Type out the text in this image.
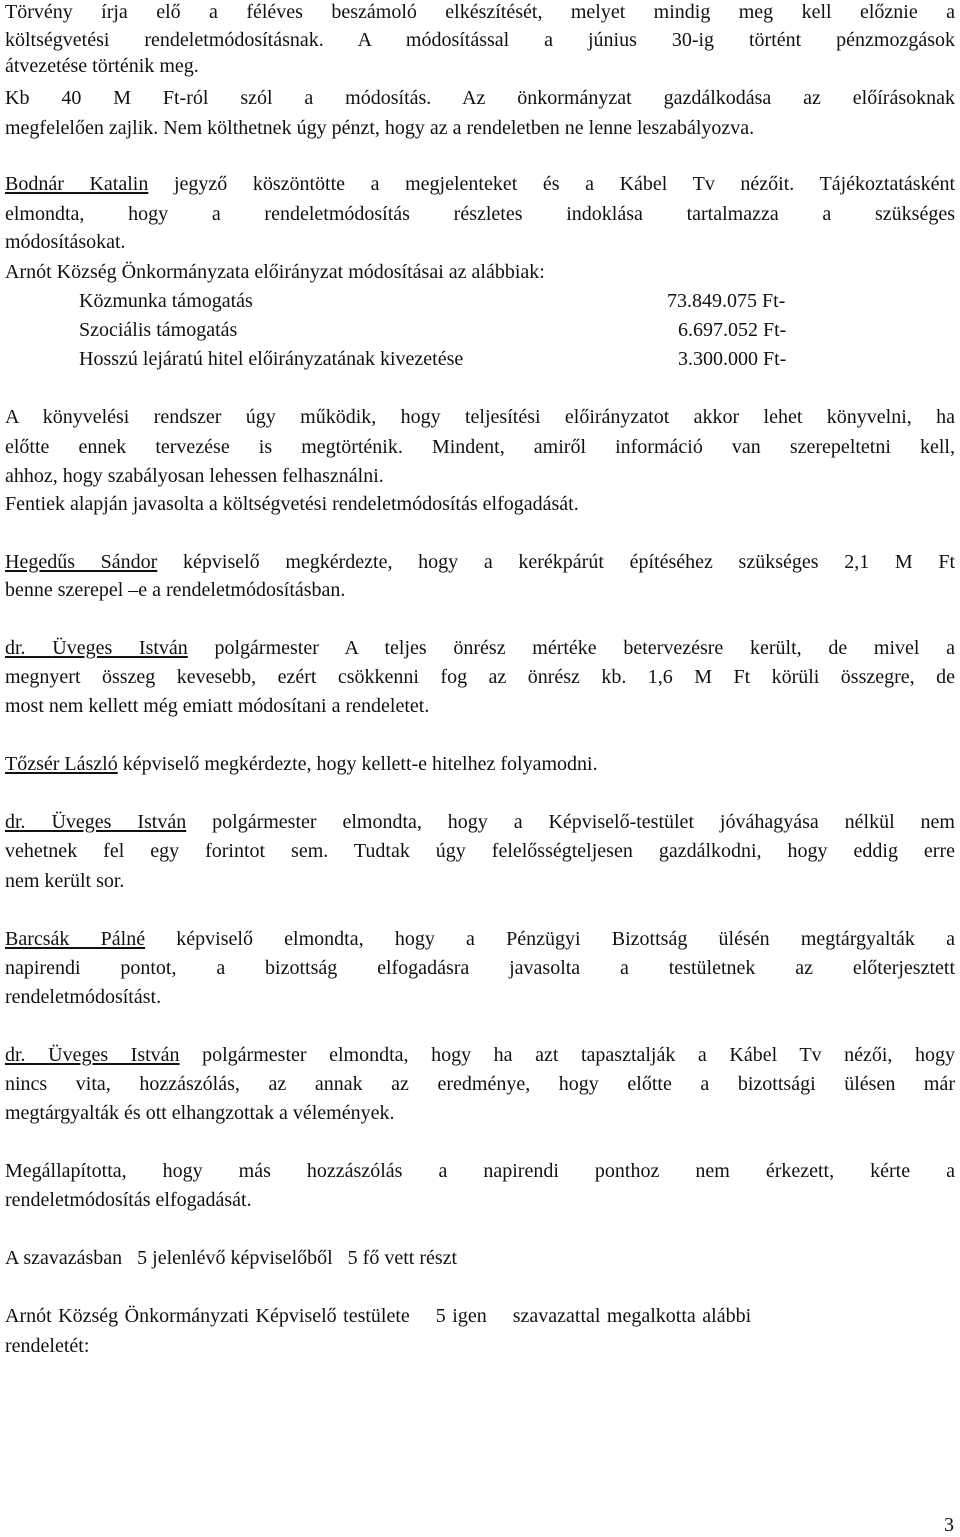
Törvény írja elő a féléves beszámoló elkészítését, melyet mindig meg kell előznie a
költségvetési rendeletmódosításnak. A módosítással a június 30-ig történt pénzmozgások
átvezetése történik meg.
Kb 40 M Ft-ról szól a módosítás. Az önkormányzat gazdálkodása az előírásoknak
megfelelően zajlik. Nem költhetnek úgy pénzt, hogy az a rendeletben ne lenne leszabályozva.
Bodnár Katalin jegyző köszöntötte a megjelenteket és a Kábel Tv nézőit. Tájékoztatásként
elmondta, hogy a rendeletmódosítás részletes indoklása tartalmazza a szükséges
módosításokat.
Arnót Község Önkormányzata előirányzat módosításai az alábbiak:
Közmunka támogatás	73.849.075 Ft-
Szociális támogatás	6.697.052 Ft-
Hosszú lejáratú hitel előirányzatának kivezetése	3.300.000 Ft-
A könyvelési rendszer úgy működik, hogy teljesítési előirányzatot akkor lehet könyvelni, ha
előtte ennek tervezése is megtörténik. Mindent, amiről információ van szerepeltetni kell,
ahhoz, hogy szabályosan lehessen felhasználni.
Fentiek alapján javasolta a költségvetési rendeletmódosítás elfogadását.
Hegedűs Sándor képviselő megkérdezte, hogy a kerékpárút építéséhez szükséges 2,1 M Ft
benne szerepel –e a rendeletmódosításban.
dr. Üveges István polgármester A teljes önrész mértéke betervezésre került, de mivel a
megnyert összeg kevesebb, ezért csökkenni fog az önrész kb. 1,6 M Ft körüli összegre, de
most nem kellett még emiatt módosítani a rendeletet.
Tőzsér László képviselő megkérdezte, hogy kellett-e hitelhez folyamodni.
dr. Üveges István polgármester elmondta, hogy a Képviselő-testület jóváhagyása nélkül nem
vehetnek fel egy forintot sem. Tudtak úgy felelősségteljesen gazdálkodni, hogy eddig erre
nem került sor.
Barcsák Pálné képviselő elmondta, hogy a Pénzügyi Bizottság ülésén megtárgyalták a
napirendi pontot, a bizottság elfogadásra javasolta a testületnek az előterjesztett
rendeletmódosítást.
dr. Üveges István polgármester elmondta, hogy ha azt tapasztalják a Kábel Tv nézői, hogy
nincs vita, hozzászólás, az annak az eredménye, hogy előtte a bizottsági ülésen már
megtárgyalták és ott elhangzottak a vélemények.
Megállapította, hogy más hozzászólás a napirendi ponthoz nem érkezett, kérte a
rendeletmódosítás elfogadását.
A szavazásban   5 jelenlévő képviselőből   5 fő vett részt
Arnót Község Önkormányzati Képviselő testülete    5 igen    szavazattal megalkotta alábbi
rendeletét:
3
